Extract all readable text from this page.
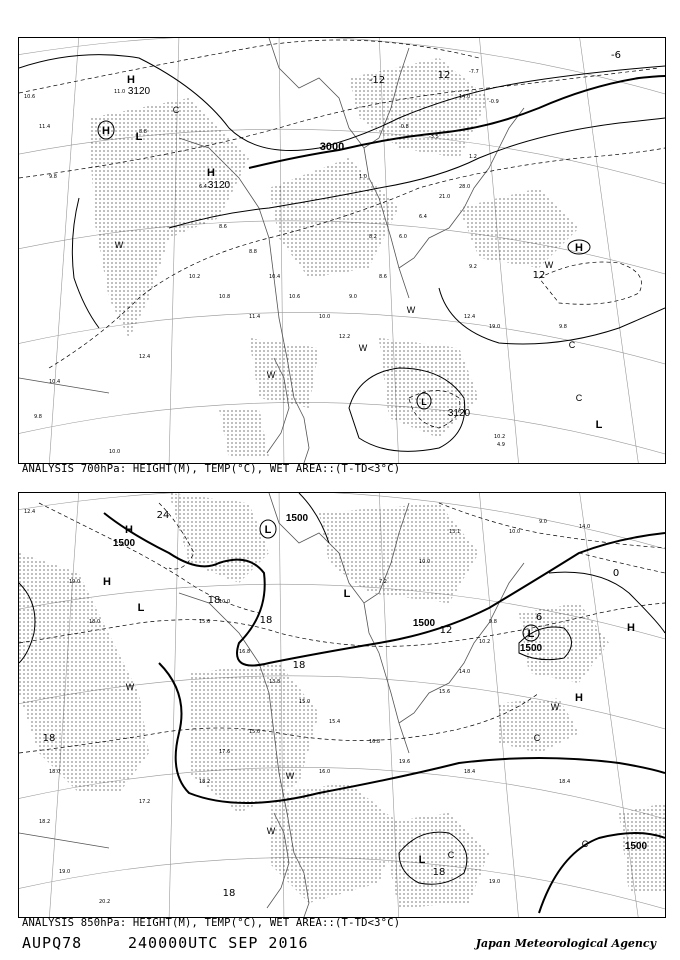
10.6
11.4
9.8
11.0
8.8
6.4
8.6
8.8
10.4
10.6
10.0
12.2
9.0
8.6
6.0
6.4
21.0
28.0
9.2
12.4
19.0	9.8
10.2
4.9
10.0
9.8
10.4
8.2
-0.8
-3.5
1.2
1.0
12.4
10.8
11.4
10.2
-7.7
-0.9
14.0
3000
3120
3120
3120
12
12
-6
-12
H
H
H
H
L
L
L
W
W
W
W
W
C
C
C
ANALYSIS 700hPa: HEIGHT(M), TEMP(°C), WET AREA::(T-TD<3°C)
12.4
19.0
18.0
18.0
18.2
19.0
20.2
15.6
16.8
13.8
15.0
15.4
16.8
19.6
15.6
14.0
10.2
9.8
18.4
19.0
18.4
7.2
10.0
13.1	10.0
9.0
14.0
17.6
15.0
17.2
18.2
16.0
10.0
1500
1500
1500
1500
1500
24
18
18
18
18
18
18
12
6
0
H
H
H
H
L
L
L
L
L
W
W
W
W
C
C
C
ANALYSIS 850hPa: HEIGHT(M), TEMP(°C), WET AREA::(T-TD<3°C)
AUPQ78	240000UTC SEP 2016	Japan Meteorological Agency
